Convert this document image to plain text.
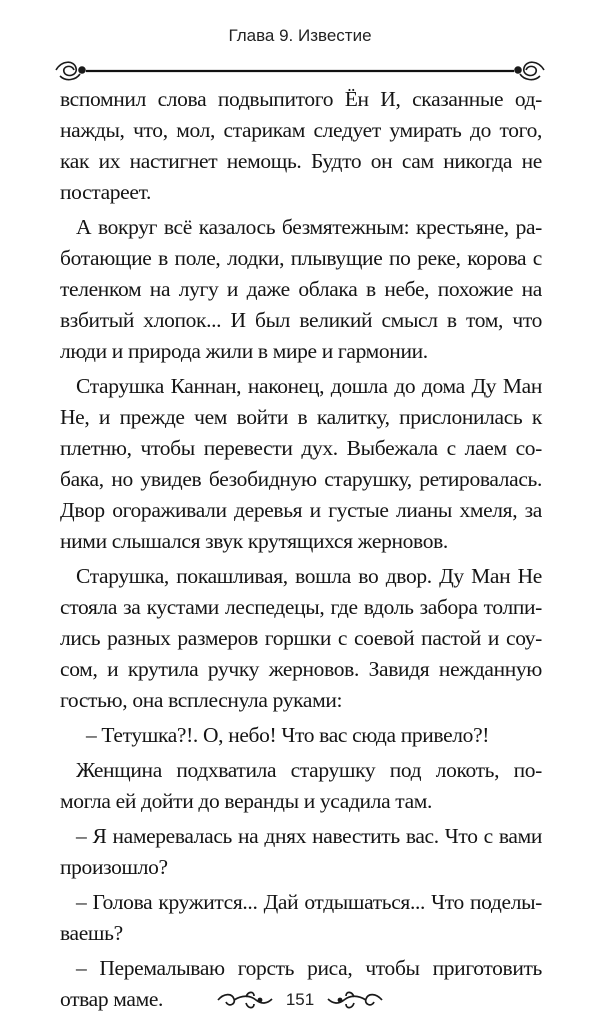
Глава 9. Известие
вспомнил слова подвыпитого Ён И, сказанные од-
нажды, что, мол, старикам следует умирать до того,
как их настигнет немощь. Будто он сам никогда не
постареет.
А вокруг всё казалось безмятежным: крестьяне, ра-
ботающие в поле, лодки, плывущие по реке, корова с
теленком на лугу и даже облака в небе, похожие на
взбитый хлопок... И был великий смысл в том, что
люди и природа жили в мире и гармонии.
Старушка Каннан, наконец, дошла до дома Ду Ман
Не, и прежде чем войти в калитку, прислонилась к
плетню, чтобы перевести дух. Выбежала с лаем со-
бака, но увидев безобидную старушку, ретировалась.
Двор огораживали деревья и густые лианы хмеля, за
ними слышался звук крутящихся жерновов.
Старушка, покашливая, вошла во двор. Ду Ман Не
стояла за кустами леспедецы, где вдоль забора толпи-
лись разных размеров горшки с соевой пастой и соу-
сом, и крутила ручку жерновов. Завидя нежданную
гостью, она всплеснула руками:
– Тетушка?!. О, небо! Что вас сюда привело?!
Женщина подхватила старушку под локоть, по-
могла ей дойти до веранды и усадила там.
– Я намеревалась на днях навестить вас. Что с вами
произошло?
– Голова кружится... Дай отдышаться... Что поделы-
ваешь?
– Перемалываю горсть риса, чтобы приготовить
отвар маме.	151
